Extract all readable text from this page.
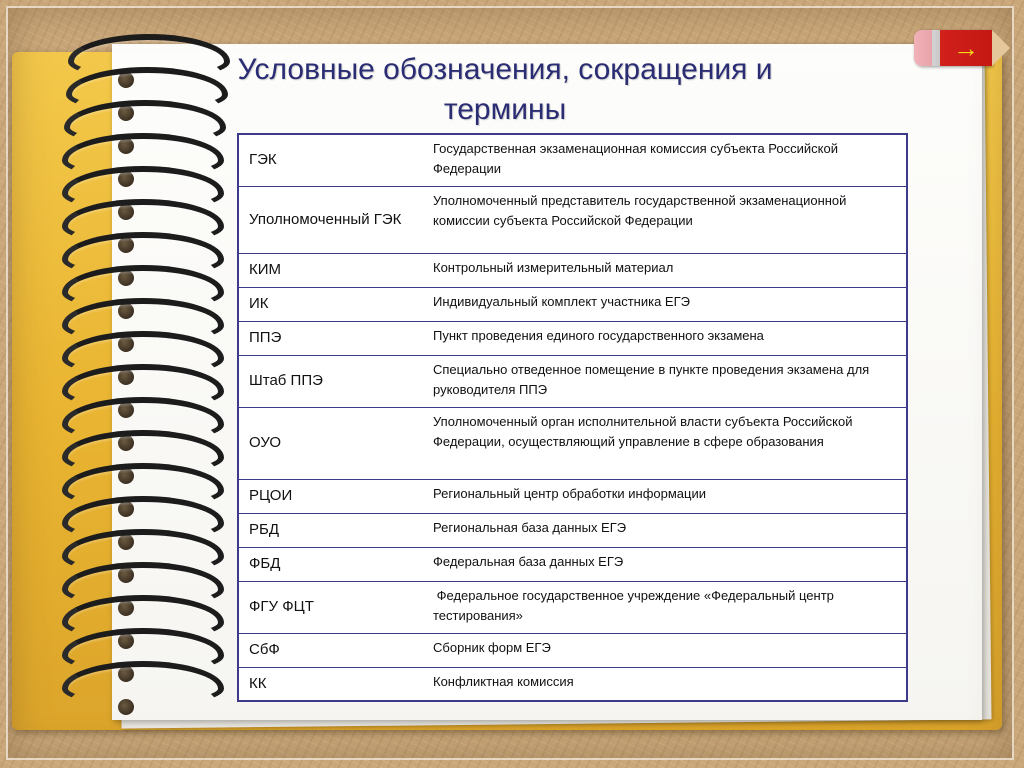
Условные обозначения, сокращения и термины
→
ГЭК	Государственная экзаменационная комиссия субъекта Российской Федерации
Уполномоченный ГЭК	Уполномоченный представитель государственной экзаменационной комиссии субъекта Российской Федерации
КИМ	Контрольный измерительный материал
ИК	Индивидуальный комплект участника ЕГЭ
ППЭ	Пункт проведения единого государственного экзамена
Штаб ППЭ	Специально отведенное помещение в пункте проведения экзамена для руководителя ППЭ
ОУО	Уполномоченный орган исполнительной власти субъекта Российской Федерации, осуществляющий управление в сфере образования
РЦОИ	Региональный центр обработки информации
РБД	Региональная база данных ЕГЭ
ФБД	Федеральная база данных ЕГЭ
ФГУ ФЦТ	Федеральное государственное учреждение «Федеральный центр тестирования»
СбФ	Сборник форм ЕГЭ
КК	Конфликтная комиссия
